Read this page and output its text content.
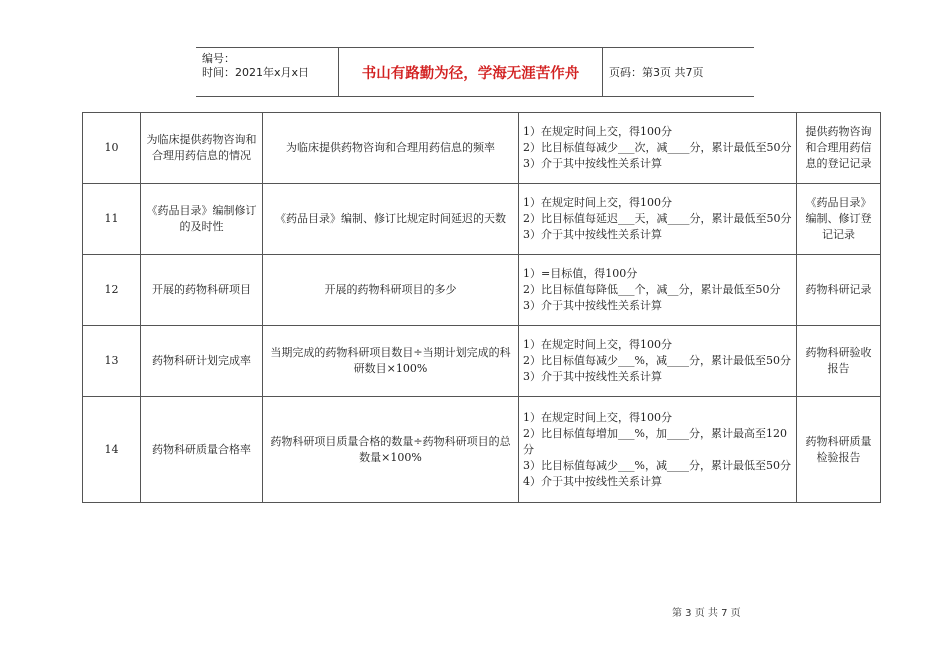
编号：
时间：2021年x月x日	书山有路勤为径，学海无涯苦作舟	页码：第3页 共7页
10	为临床提供药物咨询和合理用药信息的情况	为临床提供药物咨询和合理用药信息的频率	1）在规定时间上交，得100分
2）比目标值每减少___次，减____分，累计最低至50分
3）介于其中按线性关系计算	提供药物咨询和合理用药信息的登记记录
11	《药品目录》编制修订的及时性	《药品目录》编制、修订比规定时间延迟的天数	1）在规定时间上交，得100分
2）比目标值每延迟___天，减____分，累计最低至50分
3）介于其中按线性关系计算	《药品目录》编制、修订登记记录
12	开展的药物科研项目	开展的药物科研项目的多少	1）=目标值，得100分
2）比目标值每降低___个，减__分，累计最低至50分
3）介于其中按线性关系计算	药物科研记录
13	药物科研计划完成率	当期完成的药物科研项目数目÷当期计划完成的科研数目×100%	1）在规定时间上交，得100分
2）比目标值每减少___%，减____分，累计最低至50分
3）介于其中按线性关系计算	药物科研验收报告
14	药物科研质量合格率	药物科研项目质量合格的数量÷药物科研项目的总数量×100%	1）在规定时间上交，得100分
2）比目标值每增加___%，加____分，累计最高至120分
3）比目标值每减少___%，减____分，累计最低至50分
4）介于其中按线性关系计算	药物科研质量检验报告
第 3 页 共 7 页
